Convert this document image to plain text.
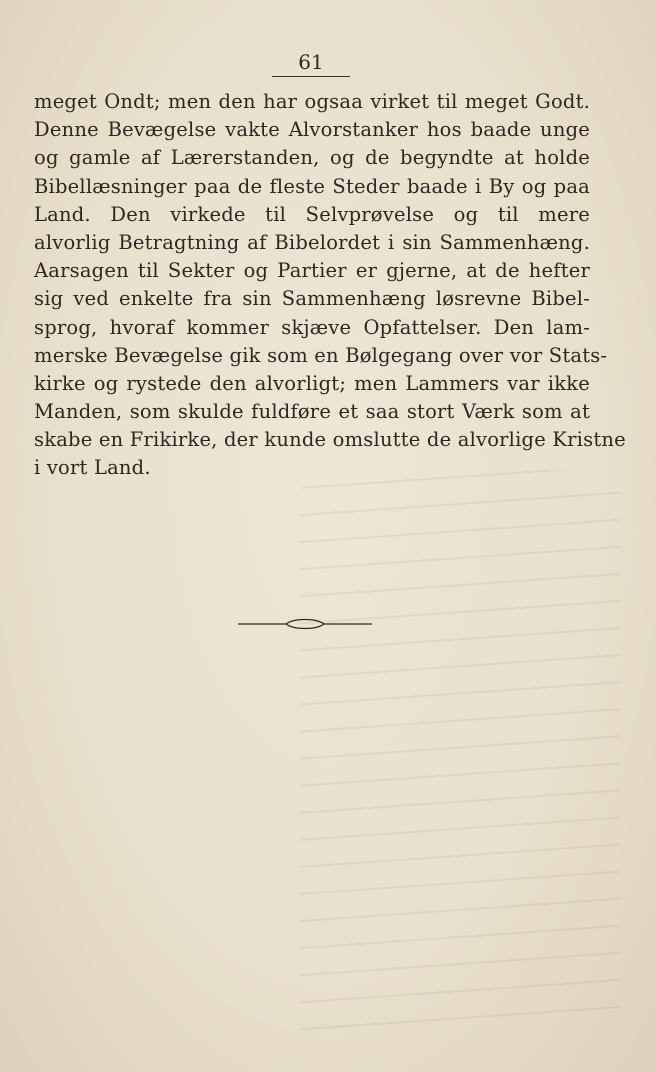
61
meget Ondt; men den har ogsaa virket til meget Godt.
Denne Bevægelse vakte Alvorstanker hos baade unge
og gamle af Lærerstanden, og de begyndte at holde
Bibellæsninger paa de fleste Steder baade i By og paa
Land. Den virkede til Selvprøvelse og til mere
alvorlig Betragtning af Bibelordet i sin Sammenhæng.
Aarsagen til Sekter og Partier er gjerne, at de hefter
sig ved enkelte fra sin Sammenhæng løsrevne Bibel-
sprog, hvoraf kommer skjæve Opfattelser. Den lam-
merske Bevægelse gik som en Bølgegang over vor Stats-
kirke og rystede den alvorligt; men Lammers var ikke
Manden, som skulde fuldføre et saa stort Værk som at
skabe en Frikirke, der kunde omslutte de alvorlige Kristne
i vort Land.
